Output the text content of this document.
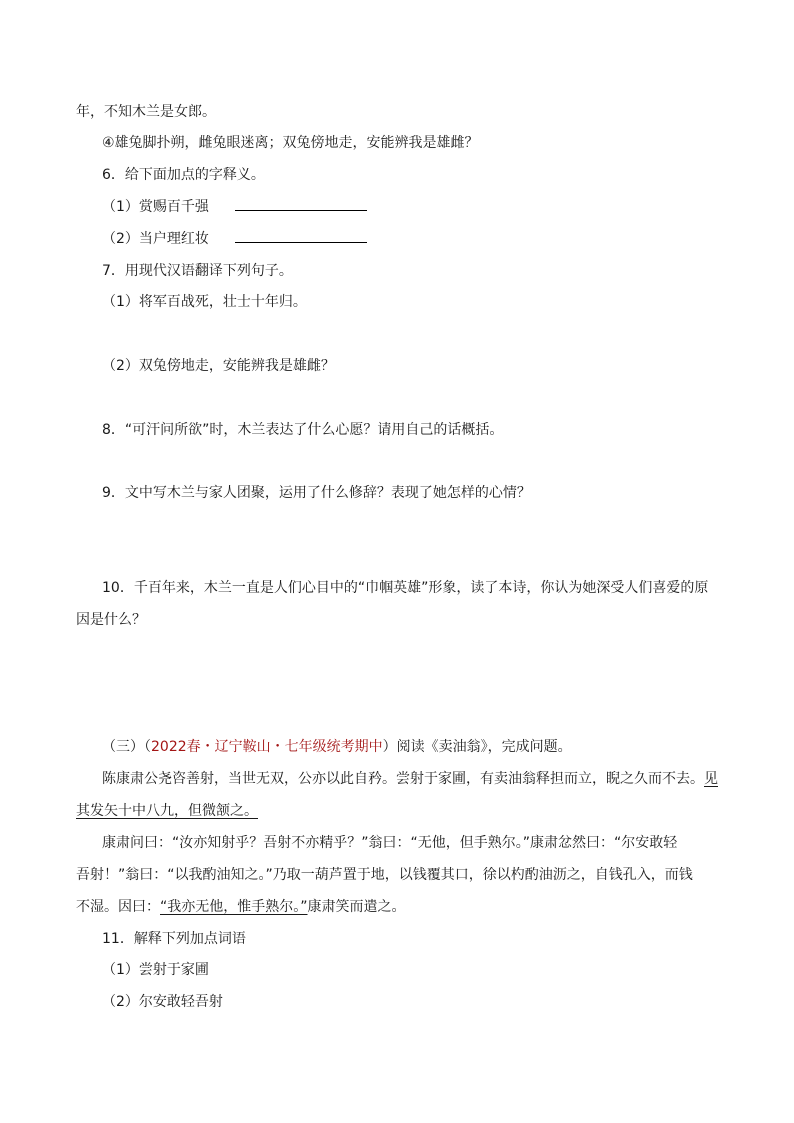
年，不知木兰是女郎。
④雄兔脚扑朔，雌兔眼迷离；双兔傍地走，安能辨我是雄雌？
6．给下面加点的字释义。
（1）赏赐百千强
（2）当户理红妆
7．用现代汉语翻译下列句子。
（1）将军百战死，壮士十年归。
（2）双兔傍地走，安能辨我是雄雌？
8．“可汗问所欲”时，木兰表达了什么心愿？请用自己的话概括。
9．文中写木兰与家人团聚，运用了什么修辞？表现了她怎样的心情？
10．千百年来，木兰一直是人们心目中的“巾帼英雄”形象，读了本诗，你认为她深受人们喜爱的原
因是什么？
（三）（2022春・辽宁鞍山・七年级统考期中）阅读《卖油翁》，完成问题。
陈康肃公尧咨善射，当世无双，公亦以此自矜。尝射于家圃，有卖油翁释担而立，睨之久而不去。见
其发矢十中八九，但微颔之。
康肃问曰：“汝亦知射乎？吾射不亦精乎？”翁曰：“无他，但手熟尔。”康肃忿然曰：“尔安敢轻
吾射！”翁曰：“以我酌油知之。”乃取一葫芦置于地，以钱覆其口，徐以杓酌油沥之，自钱孔入，而钱
不湿。因曰：“我亦无他，惟手熟尔。”康肃笑而遣之。
11．解释下列加点词语
（1）尝射于家圃
（2）尔安敢轻吾射
